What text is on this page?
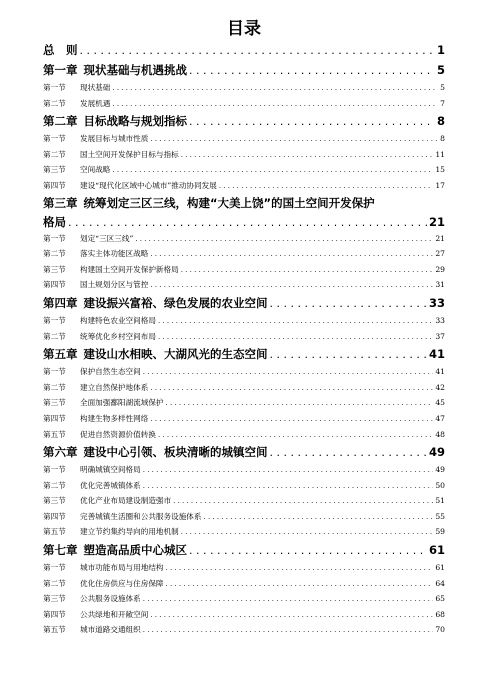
目录
总　则 . . .	1
第一章 现状基础与机遇挑战 . . .	5
第一节	现状基础 . . .	5
第二节	发展机遇 . . .	7
第二章 目标战略与规划指标 . . .	8
第一节	发展目标与城市性质 . . .	8
第二节	国土空间开发保护目标与指标 . . .	11
第三节	空间战略 . . .	15
第四节	建设“现代化区域中心城市”推动协同发展 . . .	17
第三章 统筹划定三区三线，构建“大美上饶”的国土空间开发保护
格局 . . .	21
第一节	划定“三区三线” . . .	21
第二节	落实主体功能区战略 . . .	27
第三节	构建国土空间开发保护新格局 . . .	29
第四节	国土规划分区与管控 . . .	31
第四章 建设振兴富裕、绿色发展的农业空间 . . .	33
第一节	构建特色农业空间格局 . . .	33
第二节	统筹优化乡村空间布局 . . .	37
第五章 建设山水相映、大湖风光的生态空间 . . .	41
第一节	保护自然生态空间 . . .	41
第二节	建立自然保护地体系 . . .	42
第三节	全面加强鄱阳湖流域保护 . . .	45
第四节	构建生物多样性网络 . . .	47
第五节	促进自然资源价值转换 . . .	48
第六章 建设中心引领、板块清晰的城镇空间 . . .	49
第一节	明确城镇空间格局 . . .	49
第二节	优化完善城镇体系 . . .	50
第三节	优化产业布局建设制造强市 . . .	51
第四节	完善城镇生活圈和公共服务设施体系 . . .	55
第五节	建立节约集约导向的用地机制 . . .	59
第七章 塑造高品质中心城区 . . .	61
第一节	城市功能布局与用地结构 . . .	61
第二节	优化住房供应与住房保障 . . .	64
第三节	公共服务设施体系 . . .	65
第四节	公共绿地和开敞空间 . . .	68
第五节	城市道路交通组织 . . .	70
